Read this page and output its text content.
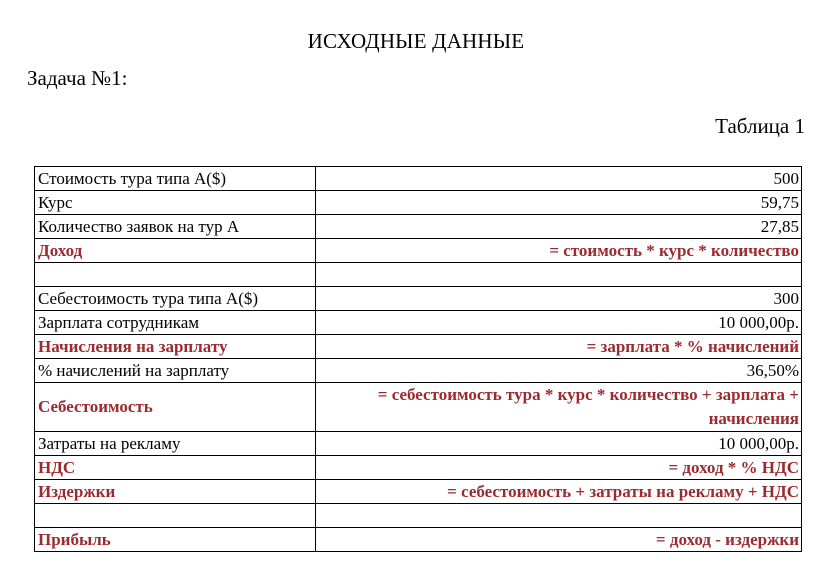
ИСХОДНЫЕ ДАННЫЕ
Задача №1:
Таблица 1
Стоимость тура типа А($)	500
Курс	59,75
Количество заявок на тур А	27,85
Доход	= стоимость * курс * количество

Себестоимость тура типа А($)	300
Зарплата сотрудникам	10 000,00р.
Начисления на зарплату	= зарплата * % начислений
% начислений на зарплату	36,50%
Себестоимость	= себестоимость тура * курс * количество + зарплата + начисления
Затраты на рекламу	10 000,00р.
НДС	= доход * % НДС
Издержки	= себестоимость + затраты на рекламу + НДС

Прибыль	= доход - издержки
